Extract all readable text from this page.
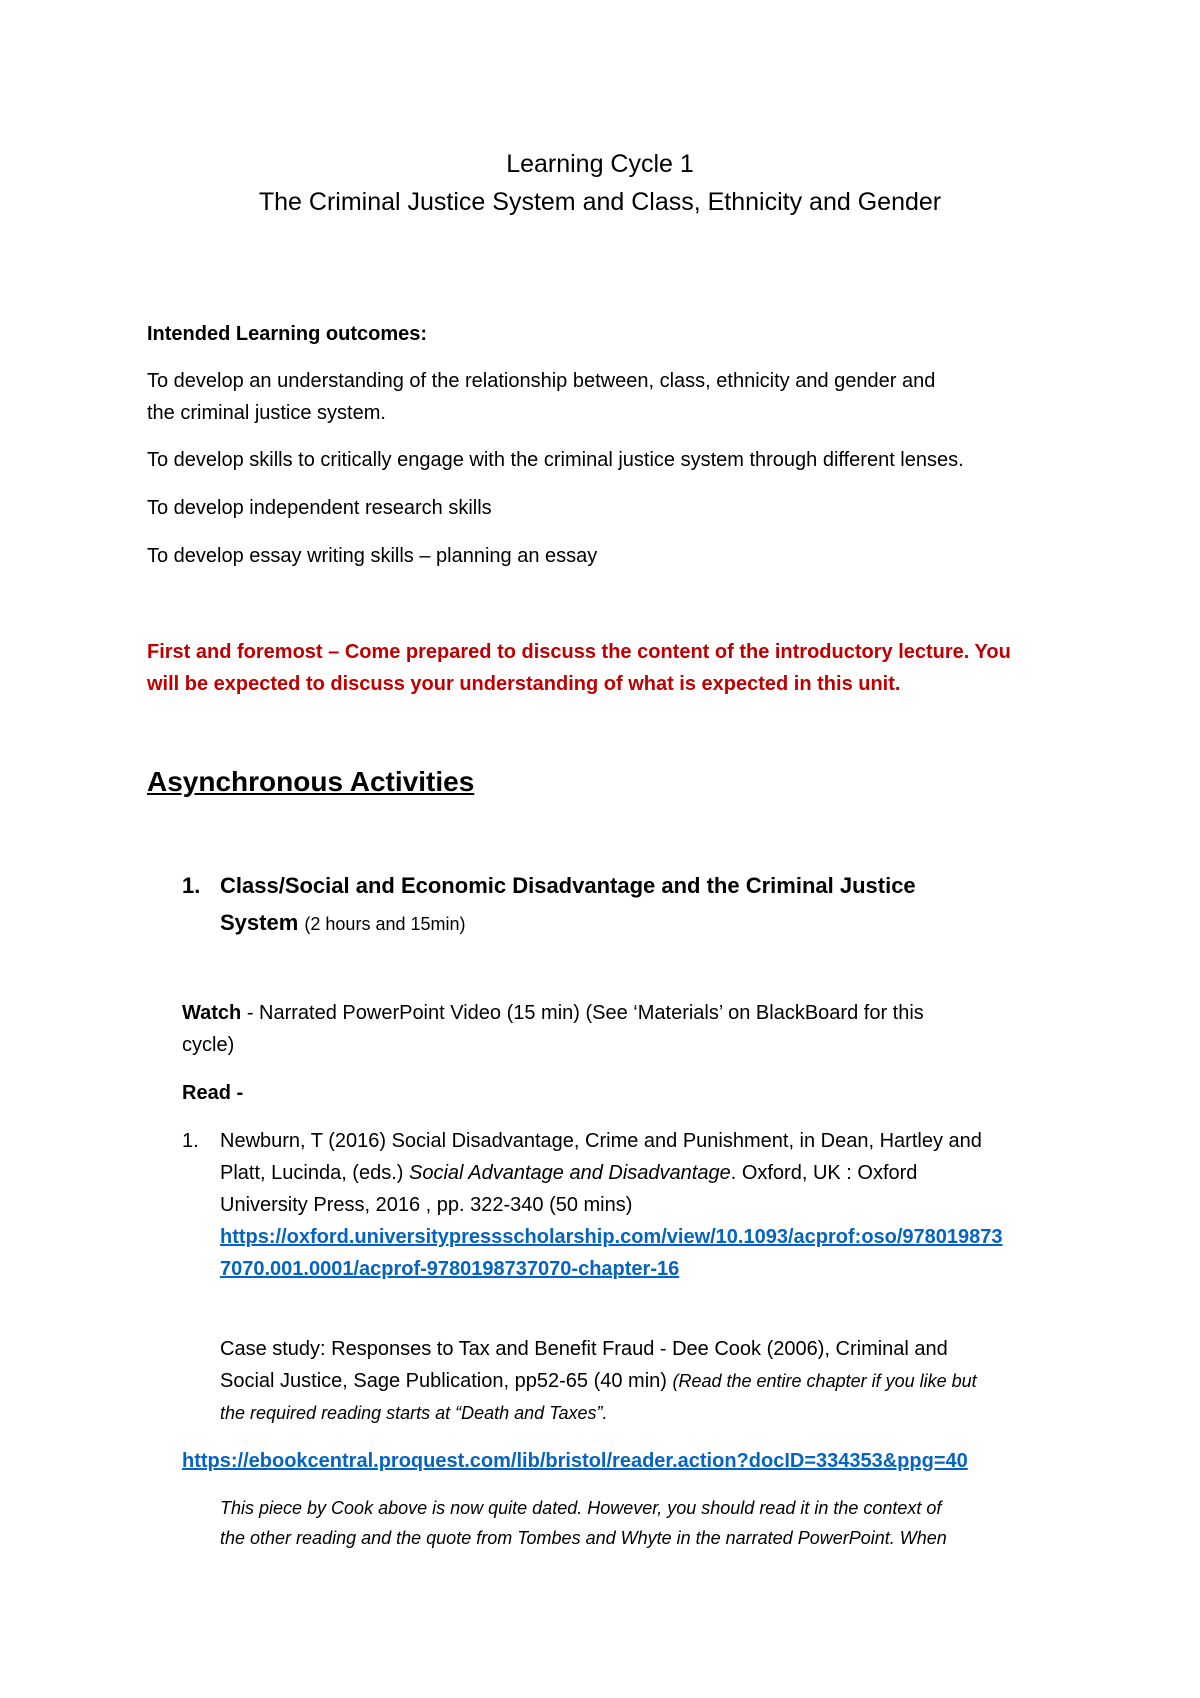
Learning Cycle 1

The Criminal Justice System and Class, Ethnicity and Gender

Intended Learning outcomes:

To develop an understanding of the relationship between, class, ethnicity and gender and

the criminal justice system.

To develop skills to critically engage with the criminal justice system through different lenses.

To develop independent research skills

To develop essay writing skills – planning an essay

First and foremost – Come prepared to discuss the content of the introductory lecture. You

will be expected to discuss your understanding of what is expected in this unit.

Asynchronous Activities

1. Class/Social and Economic Disadvantage and the Criminal Justice

System (2 hours and 15min)

Watch - Narrated PowerPoint Video (15 min) (See ‘Materials’ on BlackBoard for this

cycle)

Read -

1. Newburn, T (2016) Social Disadvantage, Crime and Punishment, in Dean, Hartley and

Platt, Lucinda, (eds.) Social Advantage and Disadvantage. Oxford, UK : Oxford

University Press, 2016 , pp. 322-340 (50 mins)

https://oxford.universitypressscholarship.com/view/10.1093/acprof:oso/978019873

7070.001.0001/acprof-9780198737070-chapter-16

Case study: Responses to Tax and Benefit Fraud - Dee Cook (2006), Criminal and

Social Justice, Sage Publication, pp52-65 (40 min) (Read the entire chapter if you like but

the required reading starts at “Death and Taxes”.

https://ebookcentral.proquest.com/lib/bristol/reader.action?docID=334353&ppg=40

This piece by Cook above is now quite dated. However, you should read it in the context of

the other reading and the quote from Tombes and Whyte in the narrated PowerPoint. When
